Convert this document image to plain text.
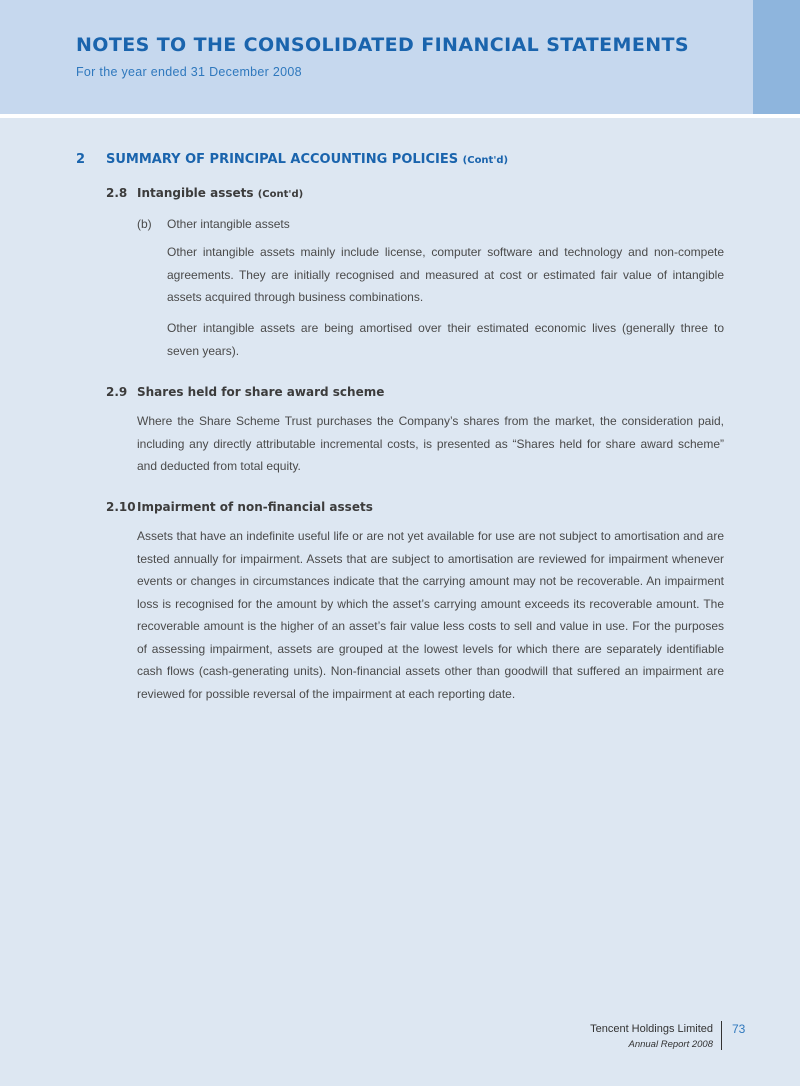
NOTES TO THE CONSOLIDATED FINANCIAL STATEMENTS
For the year ended 31 December 2008
2 SUMMARY OF PRINCIPAL ACCOUNTING POLICIES (Cont'd)
2.8 Intangible assets (Cont'd)
(b) Other intangible assets

Other intangible assets mainly include license, computer software and technology and non-compete agreements. They are initially recognised and measured at cost or estimated fair value of intangible assets acquired through business combinations.

Other intangible assets are being amortised over their estimated economic lives (generally three to seven years).

2.9 Shares held for share award scheme

Where the Share Scheme Trust purchases the Company’s shares from the market, the consideration paid, including any directly attributable incremental costs, is presented as “Shares held for share award scheme” and deducted from total equity.

2.10Impairment of non-financial assets

Assets that have an indefinite useful life or are not yet available for use are not subject to amortisation and are tested annually for impairment. Assets that are subject to amortisation are reviewed for impairment whenever events or changes in circumstances indicate that the carrying amount may not be recoverable. An impairment loss is recognised for the amount by which the asset’s carrying amount exceeds its recoverable amount. The recoverable amount is the higher of an asset’s fair value less costs to sell and value in use. For the purposes of assessing impairment, assets are grouped at the lowest levels for which there are separately identifiable cash flows (cash-generating units). Non-financial assets other than goodwill that suffered an impairment are reviewed for possible reversal of the impairment at each reporting date.

Tencent Holdings Limited
Annual Report 2008
73
